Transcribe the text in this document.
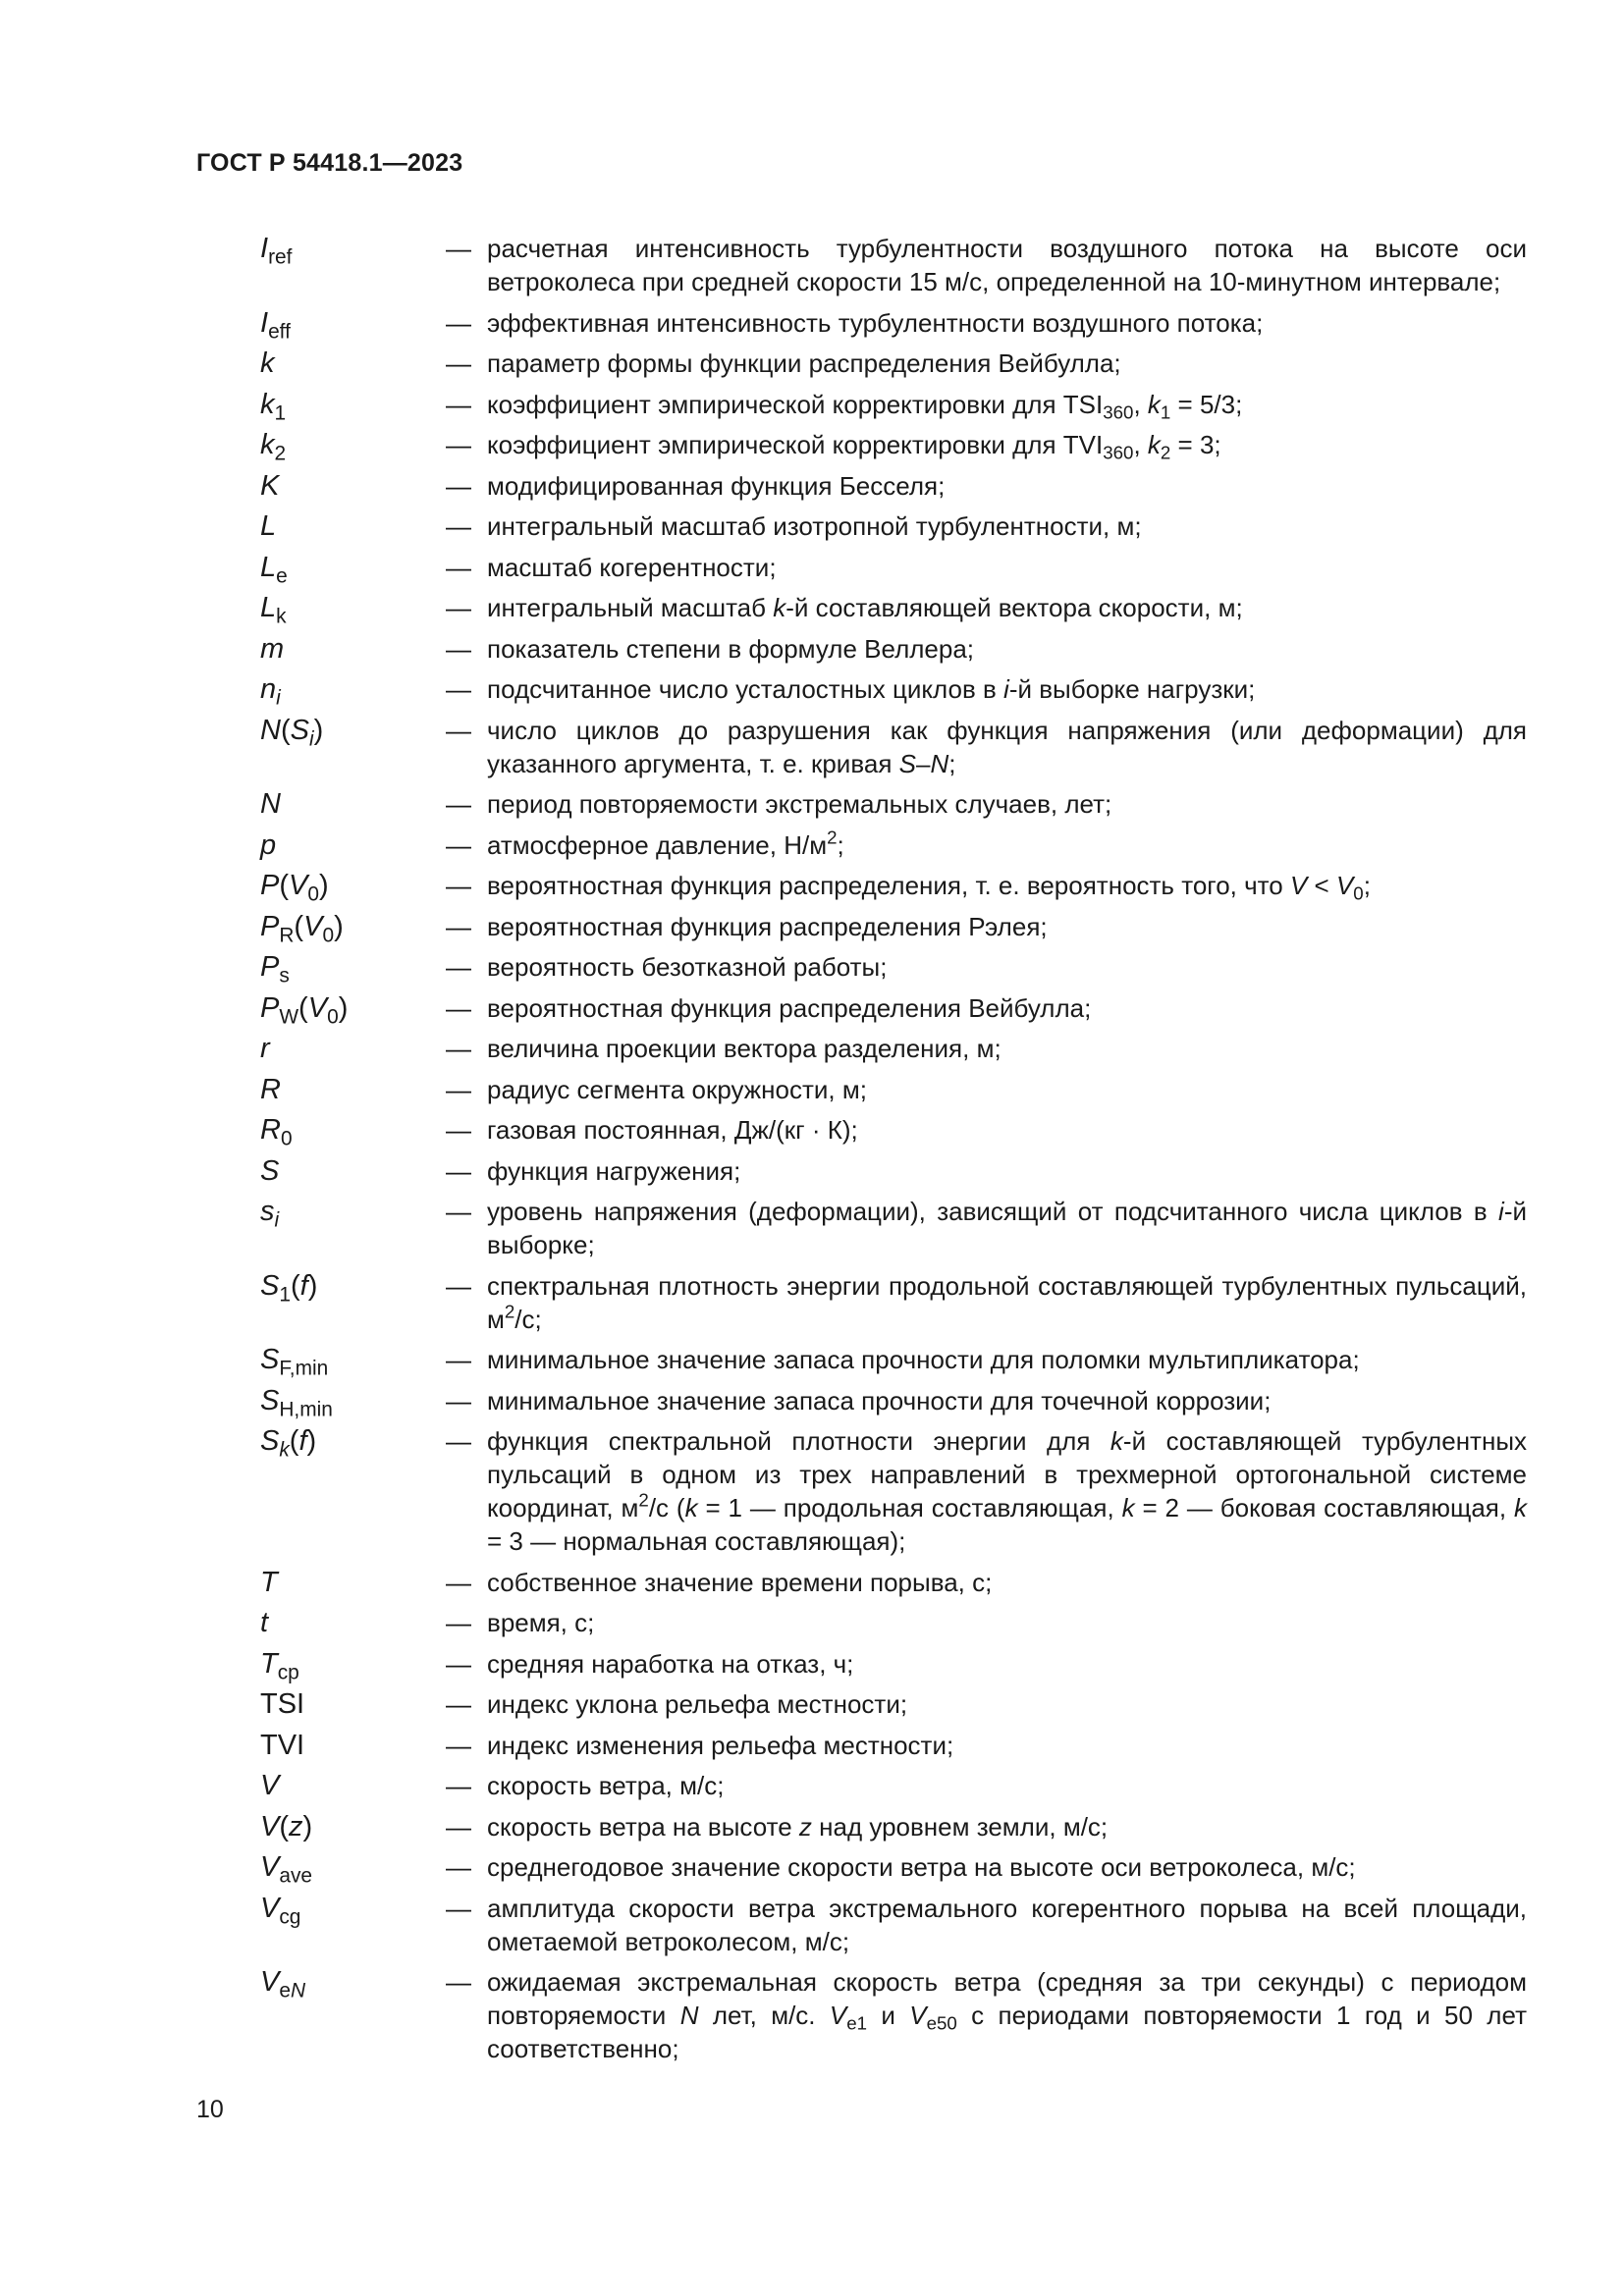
ГОСТ Р 54418.1—2023
$I_{ref}$	— расчетная интенсивность турбулентности воздушного потока на высоте оси ветроколеса при средней скорости 15 м/с, определенной на 10-минутном интервале;
$I_{eff}$	— эффективная интенсивность турбулентности воздушного потока;
k	— параметр формы функции распределения Вейбулла;
$k_1$	— коэффициент эмпирической корректировки для $TSI_{360}$, $k_1 = 5/3$;
$k_2$	— коэффициент эмпирической корректировки для $TVI_{360}$, $k_2 = 3$;
K	— модифицированная функция Бесселя;
L	— интегральный масштаб изотропной турбулентности, м;
$L_e$	— масштаб когерентности;
$L_k$	— интегральный масштаб k-й составляющей вектора скорости, м;
m	— показатель степени в формуле Веллера;
$n_i$	— подсчитанное число усталостных циклов в i-й выборке нагрузки;
$N(S_i)$	— число циклов до разрушения как функция напряжения (или деформации) для указанного аргумента, т. е. кривая S–N;
N	— период повторяемости экстремальных случаев, лет;
p	— атмосферное давление, $Н/м^2$;
$P(V_0)$	— вероятностная функция распределения, т. е. вероятность того, что $V < V_0$;
$P_R(V_0)$	— вероятностная функция распределения Рэлея;
$P_s$	— вероятность безотказной работы;
$P_W(V_0)$	— вероятностная функция распределения Вейбулла;
r	— величина проекции вектора разделения, м;
R	— радиус сегмента окружности, м;
$R_0$	— газовая постоянная, Дж/(кг · К);
S	— функция нагружения;
$s_i$	— уровень напряжения (деформации), зависящий от подсчитанного числа циклов в i-й выборке;
$S_1(f)$	— спектральная плотность энергии продольной составляющей турбулентных пульсаций, $м^2/с$;
$S_{F,min}$	— минимальное значение запаса прочности для поломки мультипликатора;
$S_{H,min}$	— минимальное значение запаса прочности для точечной коррозии;
$S_k(f)$	— функция спектральной плотности энергии для k-й составляющей турбулентных пульсаций в одном из трех направлений в трехмерной ортогональной системе координат, $м^2/с$ (k = 1 — продольная составляющая, k = 2 — боковая составляющая, k = 3 — нормальная составляющая);
T	— собственное значение времени порыва, с;
t	— время, с;
$T_{ср}$	— средняя наработка на отказ, ч;
TSI	— индекс уклона рельефа местности;
TVI	— индекс изменения рельефа местности;
V	— скорость ветра, м/с;
V(z)	— скорость ветра на высоте z над уровнем земли, м/с;
$V_{ave}$	— среднегодовое значение скорости ветра на высоте оси ветроколеса, м/с;
$V_{cg}$	— амплитуда скорости ветра экстремального когерентного порыва на всей площади, ометаемой ветроколесом, м/с;
$V_{eN}$	— ожидаемая экстремальная скорость ветра (средняя за три секунды) с периодом повторяемости N лет, м/с. $V_{e1}$ и $V_{e50}$ с периодами повторяемости 1 год и 50 лет соответственно;
10
